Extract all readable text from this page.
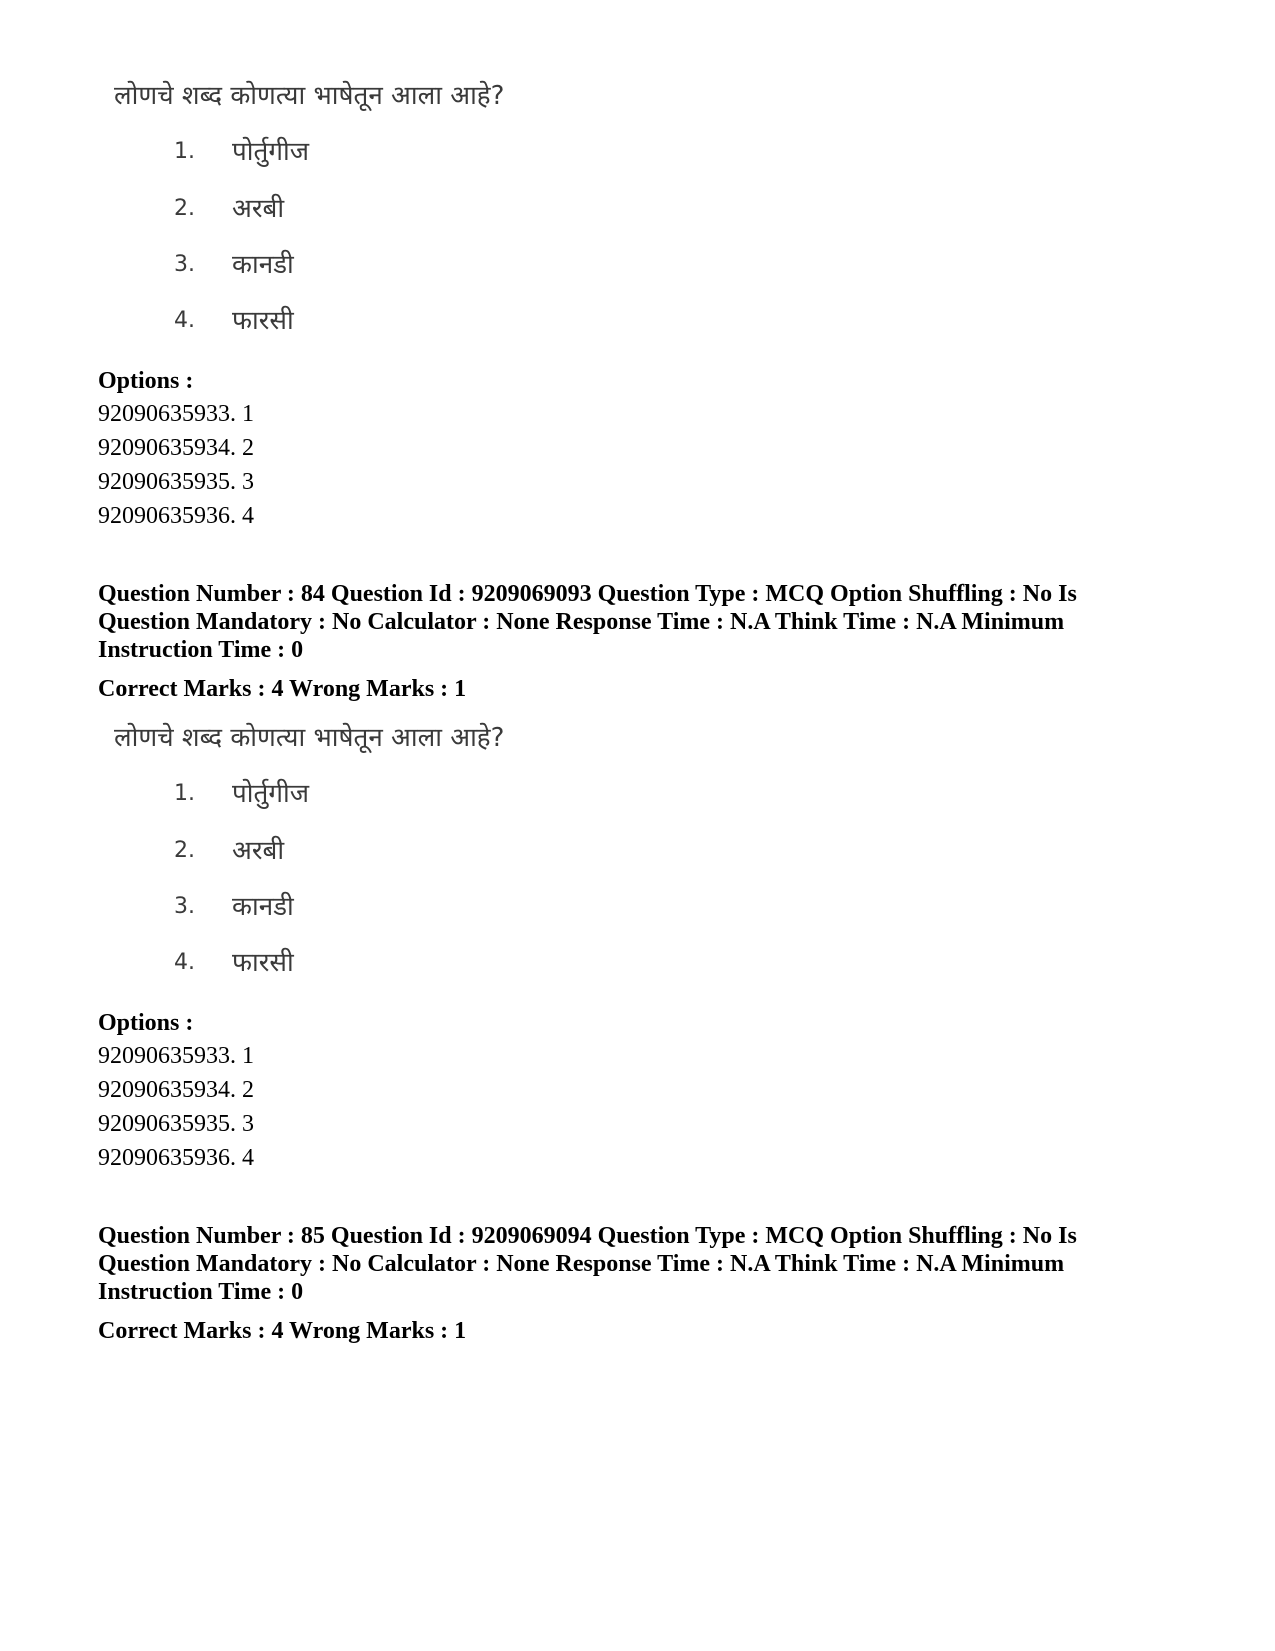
लोणचे शब्द कोणत्या भाषेतून आला आहे?
1. पोर्तुगीज
2. अरबी
3. कानडी
4. फारसी
Options :
92090635933. 1
92090635934. 2
92090635935. 3
92090635936. 4
Question Number : 84 Question Id : 9209069093 Question Type : MCQ Option Shuffling : No Is
Question Mandatory : No Calculator : None Response Time : N.A Think Time : N.A Minimum
Instruction Time : 0
Correct Marks : 4 Wrong Marks : 1
लोणचे शब्द कोणत्या भाषेतून आला आहे?
1. पोर्तुगीज
2. अरबी
3. कानडी
4. फारसी
Options :
92090635933. 1
92090635934. 2
92090635935. 3
92090635936. 4
Question Number : 85 Question Id : 9209069094 Question Type : MCQ Option Shuffling : No Is
Question Mandatory : No Calculator : None Response Time : N.A Think Time : N.A Minimum
Instruction Time : 0
Correct Marks : 4 Wrong Marks : 1
